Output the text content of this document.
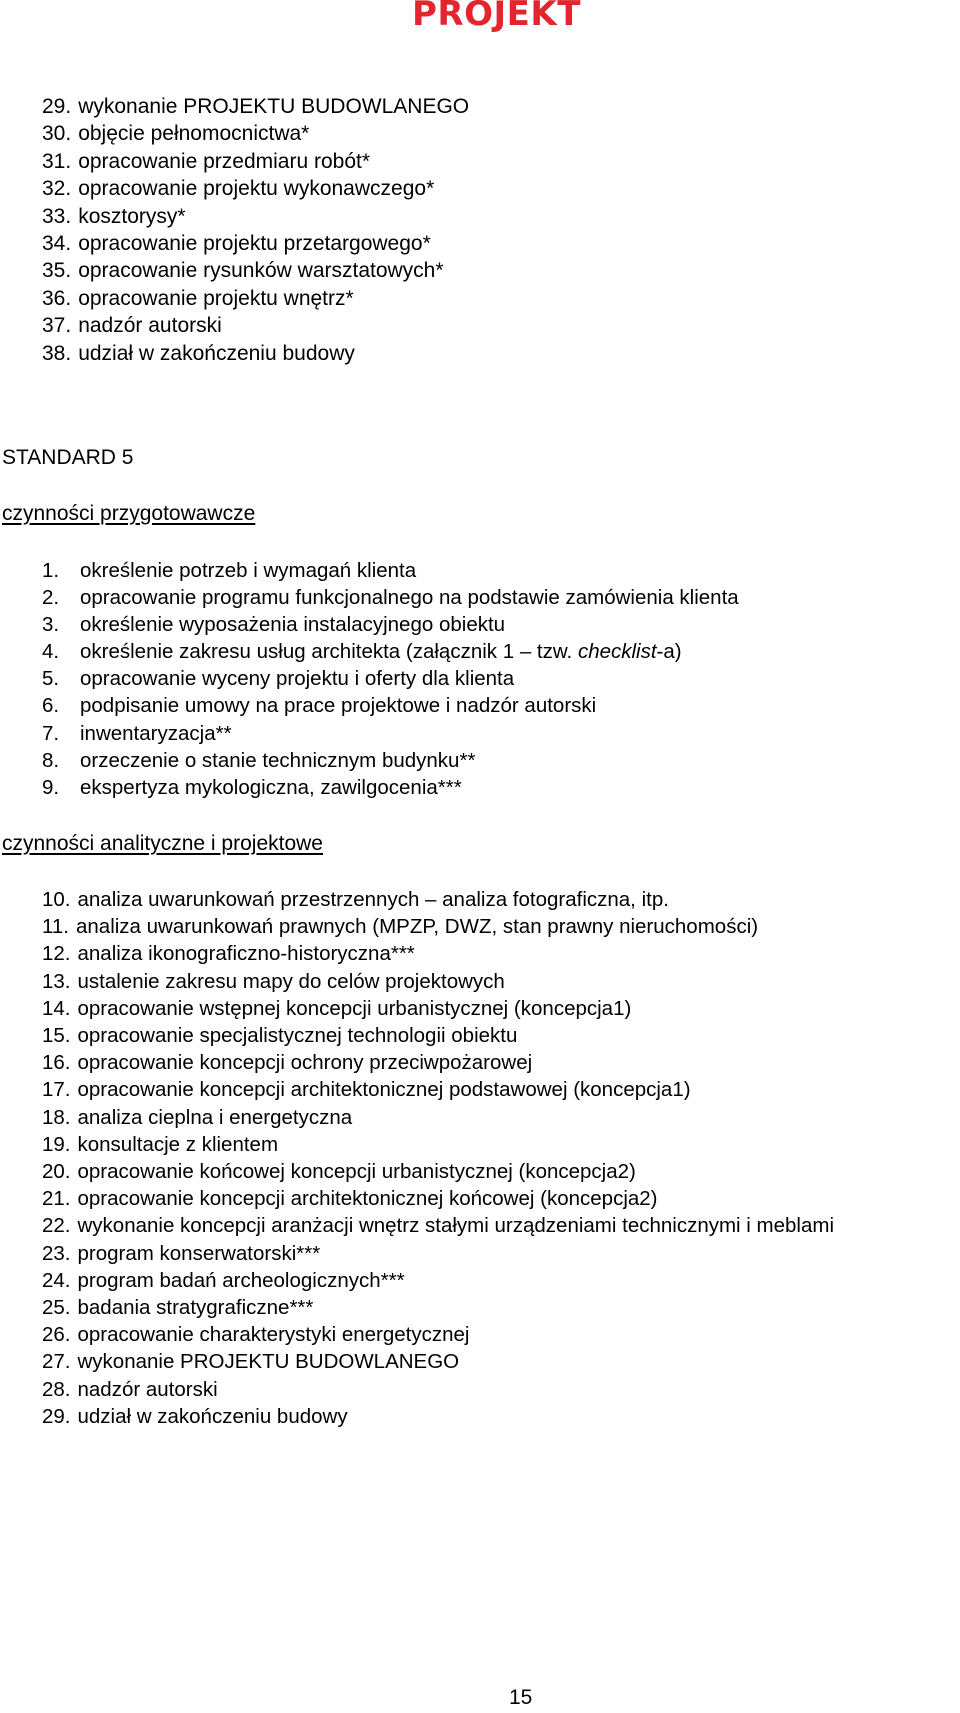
PROJEKT
29. wykonanie PROJEKTU BUDOWLANEGO
30. objęcie pełnomocnictwa*
31. opracowanie przedmiaru robót*
32. opracowanie projektu wykonawczego*
33. kosztorysy*
34. opracowanie projektu przetargowego*
35. opracowanie rysunków warsztatowych*
36. opracowanie projektu wnętrz*
37. nadzór autorski
38. udział w zakończeniu budowy
STANDARD 5
czynności przygotowawcze
1.	określenie potrzeb i wymagań klienta
2.	opracowanie programu funkcjonalnego na podstawie zamówienia klienta
3.	określenie wyposażenia instalacyjnego obiektu
4.	określenie zakresu usług architekta (załącznik 1 – tzw. checklist-a)
5.	opracowanie wyceny projektu i oferty dla klienta
6.	podpisanie umowy na prace projektowe i nadzór autorski
7.	inwentaryzacja**
8.	orzeczenie o stanie technicznym budynku**
9.	ekspertyza mykologiczna, zawilgocenia***
czynności analityczne i projektowe
10. analiza uwarunkowań przestrzennych – analiza fotograficzna, itp.
11. analiza uwarunkowań prawnych (MPZP, DWZ, stan prawny nieruchomości)
12. analiza ikonograficzno-historyczna***
13. ustalenie zakresu mapy do celów projektowych
14. opracowanie wstępnej koncepcji urbanistycznej (koncepcja1)
15. opracowanie specjalistycznej technologii obiektu
16. opracowanie koncepcji ochrony przeciwpożarowej
17. opracowanie koncepcji architektonicznej podstawowej (koncepcja1)
18. analiza cieplna i energetyczna
19. konsultacje z klientem
20. opracowanie końcowej koncepcji urbanistycznej (koncepcja2)
21. opracowanie koncepcji architektonicznej końcowej (koncepcja2)
22. wykonanie koncepcji aranżacji wnętrz stałymi urządzeniami technicznymi i meblami
23. program konserwatorski***
24. program badań archeologicznych***
25. badania stratygraficzne***
26. opracowanie charakterystyki energetycznej
27. wykonanie PROJEKTU BUDOWLANEGO
28. nadzór autorski
29. udział w zakończeniu budowy
15
